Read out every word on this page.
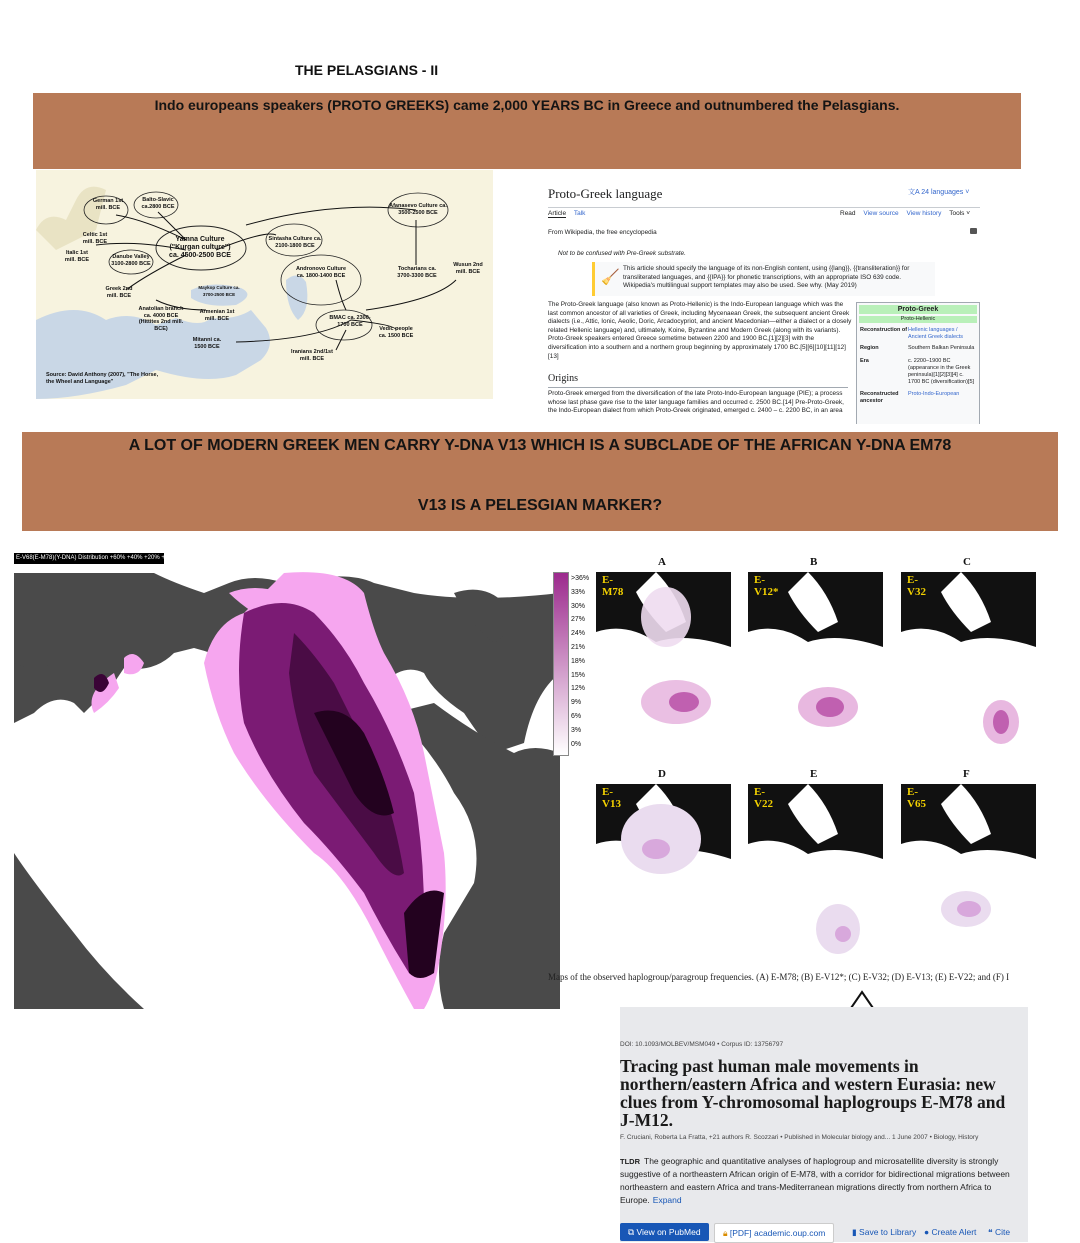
THE PELASGIANS - II
Indo europeans speakers (PROTO GREEKS) came 2,000 YEARS BC in Greece and outnumbered the Pelasgians.
German 1st mill. BCE
Balto-Slavic ca.2800 BCE	Afanasevo Culture ca. 3500-2500 BCE
Celtic 1st mill. BCE
Italic 1st mill. BCE	Danube Valley 3100-2800 BCE
Yamna Culture ("Kurgan culture") ca. 4500-2500 BCE
Sintasha Culture ca. 2100-1800 BCE
Andronovo Culture ca. 1800-1400 BCE
Tocharians ca. 3700-3300 BCE
Wusun 2nd mill. BCE
Greek 2nd mill. BCE
Maykop Culture ca. 3700-2500 BCE
Anatolian branch ca. 4000 BCE (Hittites 2nd mill. BCE)
Armenian 1st mill. BCE	BMAC ca. 2300-1700 BCE
Vedic people ca. 1500 BCE
Mitanni ca. 1500 BCE
Iranians 2nd/1st mill. BCE
Source: David Anthony (2007), "The Horse, the Wheel and Language"
Proto-Greek language	文A 24 languages ˅
Article Talk	Read View source View history Tools ˅
From Wikipedia, the free encyclopedia
Not to be confused with Pre-Greek substrate.
🧹
This article should specify the language of its non-English content, using {{lang}}, {{transliteration}} for transliterated languages, and {{IPA}} for phonetic transcriptions, with an appropriate ISO 639 code. Wikipedia's multilingual support templates may also be used. See why. (May 2019)
The Proto-Greek language (also known as Proto-Hellenic) is the Indo-European language which was the last common ancestor of all varieties of Greek, including Mycenaean Greek, the subsequent ancient Greek dialects (i.e., Attic, Ionic, Aeolic, Doric, Arcadocypriot, and ancient Macedonian—either a dialect or a closely related Hellenic language) and, ultimately, Koine, Byzantine and Modern Greek (along with its variants). Proto-Greek speakers entered Greece sometime between 2200 and 1900 BC,[1][2][3] with the diversification into a southern and a northern group beginning by approximately 1700 BC.[5][6][10][11][12][13]
Origins
Proto-Greek emerged from the diversification of the late Proto-Indo-European language (PIE); a process whose last phase gave rise to the later language families and occurred c. 2500 BC.[14] Pre-Proto-Greek, the Indo-European dialect from which Proto-Greek originated, emerged c. 2400 – c. 2200 BC, in an area
Proto-Greek
Proto-Hellenic
Reconstruction of Hellenic languages / Ancient Greek dialects
Region	Southern Balkan Peninsula
Era	c. 2200–1900 BC (appearance in the Greek peninsula)[1][2][3][4] c. 1700 BC (diversification)[5]
Reconstructed ancestor
Proto-Indo-European
A LOT OF MODERN GREEK MEN CARRY Y-DNA V13 WHICH IS A SUBCLADE OF THE AFRICAN Y-DNA EM78
V13 IS A PELESGIAN MARKER?
E-V68(E-M78)(Y-DNA) Distribution +60% +40% +20% +10%
>36%
33%
30%
27%
24%
21%
18%
15%
12%
9%
6%
3%
0%
A
E-M78
B
E-V12*
C
E-V32
D
E-V13
E
E-V22
F
E-V65
Maps of the observed haplogroup/paragroup frequencies. (A) E-M78; (B) E-V12*; (C) E-V32; (D) E-V13; (E) E-V22; and (F) I
DOI: 10.1093/MOLBEV/MSM049 • Corpus ID: 13756797
Tracing past human male movements in northern/eastern Africa and western Eurasia: new clues from Y-chromosomal haplogroups E-M78 and J-M12.
F. Cruciani, Roberta La Fratta, +21 authors R. Scozzari • Published in Molecular biology and... 1 June 2007 • Biology, History
TLDR The geographic and quantitative analyses of haplogroup and microsatellite diversity is strongly suggestive of a northeastern African origin of E-M78, with a corridor for bidirectional migrations between northeastern and eastern Africa and trans-Mediterranean migrations directly from northern Africa to Europe. Expand
⧉ View on PubMed	🔒︎ [PDF] academic.oup.com	▮ Save to Library ● Create Alert	❝ Cite
